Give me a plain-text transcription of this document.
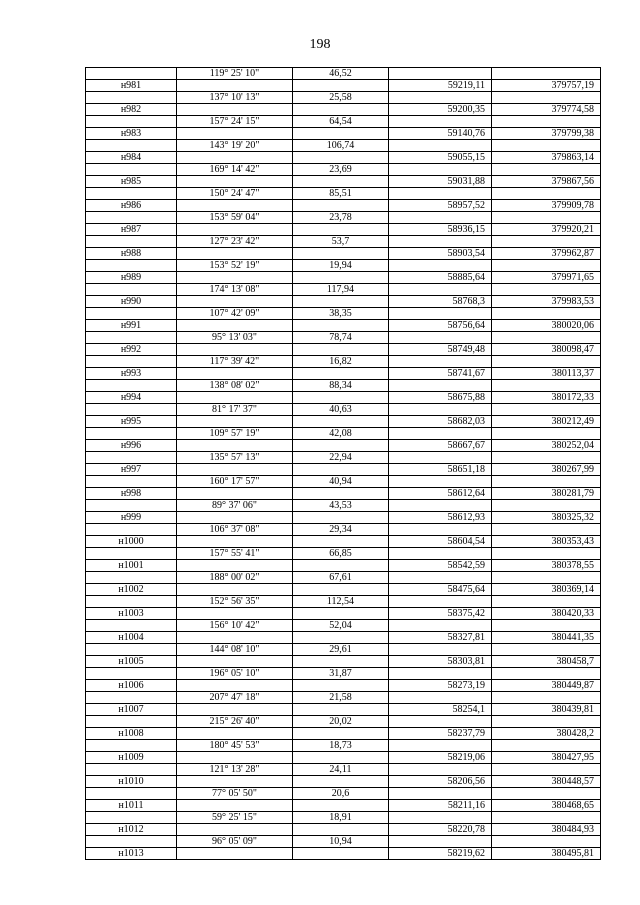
198
	119° 25' 10"	46,52		
н981			59219,11	379757,19
	137° 10' 13"	25,58		
н982			59200,35	379774,58
	157° 24' 15"	64,54		
н983			59140,76	379799,38
	143° 19' 20"	106,74		
н984			59055,15	379863,14
	169° 14' 42"	23,69		
н985			59031,88	379867,56
	150° 24' 47"	85,51		
н986			58957,52	379909,78
	153° 59' 04"	23,78		
н987			58936,15	379920,21
	127° 23' 42"	53,7		
н988			58903,54	379962,87
	153° 52' 19"	19,94		
н989			58885,64	379971,65
	174° 13' 08"	117,94		
н990			58768,3	379983,53
	107° 42' 09"	38,35		
н991			58756,64	380020,06
	95° 13' 03"	78,74		
н992			58749,48	380098,47
	117° 39' 42"	16,82		
н993			58741,67	380113,37
	138° 08' 02"	88,34		
н994			58675,88	380172,33
	81° 17' 37"	40,63		
н995			58682,03	380212,49
	109° 57' 19"	42,08		
н996			58667,67	380252,04
	135° 57' 13"	22,94		
н997			58651,18	380267,99
	160° 17' 57"	40,94		
н998			58612,64	380281,79
	89° 37' 06"	43,53		
н999			58612,93	380325,32
	106° 37' 08"	29,34		
н1000			58604,54	380353,43
	157° 55' 41"	66,85		
н1001			58542,59	380378,55
	188° 00' 02"	67,61		
н1002			58475,64	380369,14
	152° 56' 35"	112,54		
н1003			58375,42	380420,33
	156° 10' 42"	52,04		
н1004			58327,81	380441,35
	144° 08' 10"	29,61		
н1005			58303,81	380458,7
	196° 05' 10"	31,87		
н1006			58273,19	380449,87
	207° 47' 18"	21,58		
н1007			58254,1	380439,81
	215° 26' 40"	20,02		
н1008			58237,79	380428,2
	180° 45' 53"	18,73		
н1009			58219,06	380427,95
	121° 13' 28"	24,11		
н1010			58206,56	380448,57
	77° 05' 50"	20,6		
н1011			58211,16	380468,65
	59° 25' 15"	18,91		
н1012			58220,78	380484,93
	96° 05' 09"	10,94		
н1013			58219,62	380495,81
